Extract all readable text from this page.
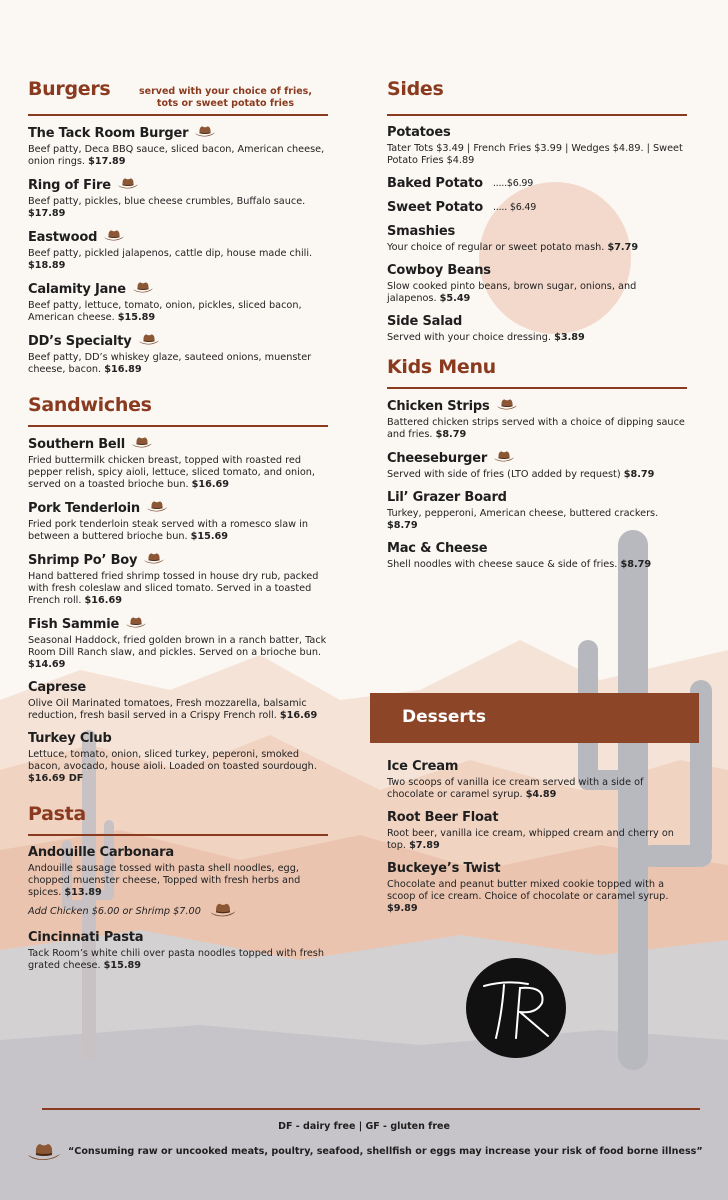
Burgers	served with your choice of fries, tots or sweet potato fries
The Tack Room Burger
Beef patty, Deca BBQ sauce, sliced bacon, American cheese, onion rings. $17.89
Ring of Fire
Beef patty, pickles, blue cheese crumbles, Buffalo sauce. $17.89
Eastwood
Beef patty, pickled jalapenos, cattle dip, house made chili. $18.89
Calamity Jane
Beef patty, lettuce, tomato, onion, pickles, sliced bacon, American cheese. $15.89
DD’s Specialty
Beef patty, DD’s whiskey glaze, sauteed onions, muenster cheese, bacon. $16.89
Sandwiches
Southern Bell
Fried buttermilk chicken breast, topped with roasted red pepper relish, spicy aioli, lettuce, sliced tomato, and onion, served on a toasted brioche bun. $16.69
Pork Tenderloin
Fried pork tenderloin steak served with a romesco slaw in between a buttered brioche bun. $15.69
Shrimp Po’ Boy
Hand battered fried shrimp tossed in house dry rub, packed with fresh coleslaw and sliced tomato. Served in a toasted French roll. $16.69
Fish Sammie
Seasonal Haddock, fried golden brown in a ranch batter, Tack Room Dill Ranch slaw, and pickles. Served on a brioche bun. $14.69
Caprese
Olive Oil Marinated tomatoes, Fresh mozzarella, balsamic reduction, fresh basil served in a Crispy French roll. $16.69
Turkey Club
Lettuce, tomato, onion, sliced turkey, peperoni, smoked bacon, avocado, house aioli. Loaded on toasted sourdough. $16.69 DF
Pasta
Andouille Carbonara
Andouille sausage tossed with pasta shell noodles, egg, chopped muenster cheese, Topped with fresh herbs and spices. $13.89
Add Chicken $6.00 or Shrimp $7.00
Cincinnati Pasta
Tack Room’s white chili over pasta noodles topped with fresh grated cheese. $15.89
Sides
Potatoes
Tater Tots $3.49 | French Fries $3.99 | Wedges $4.89. | Sweet Potato Fries $4.89
Baked Potato .....$6.99
Sweet Potato ..... $6.49
Smashies
Your choice of regular or sweet potato mash. $7.79
Cowboy Beans
Slow cooked pinto beans, brown sugar, onions, and jalapenos. $5.49
Side Salad
Served with your choice dressing. $3.89
Kids Menu
Chicken Strips
Battered chicken strips served with a choice of dipping sauce and fries. $8.79
Cheeseburger
Served with side of fries (LTO added by request) $8.79
Lil’ Grazer Board
Turkey, pepperoni, American cheese, buttered crackers. $8.79
Mac & Cheese
Shell noodles with cheese sauce & side of fries. $8.79
Desserts
Ice Cream
Two scoops of vanilla ice cream served with a side of chocolate or caramel syrup. $4.89
Root Beer Float
Root beer, vanilla ice cream, whipped cream and cherry on top. $7.89
Buckeye’s Twist
Chocolate and peanut butter mixed cookie topped with a scoop of ice cream. Choice of chocolate or caramel syrup. $9.89
DF - dairy free | GF - gluten free
“Consuming raw or uncooked meats, poultry, seafood, shellfish or eggs may increase your risk of food borne illness”
